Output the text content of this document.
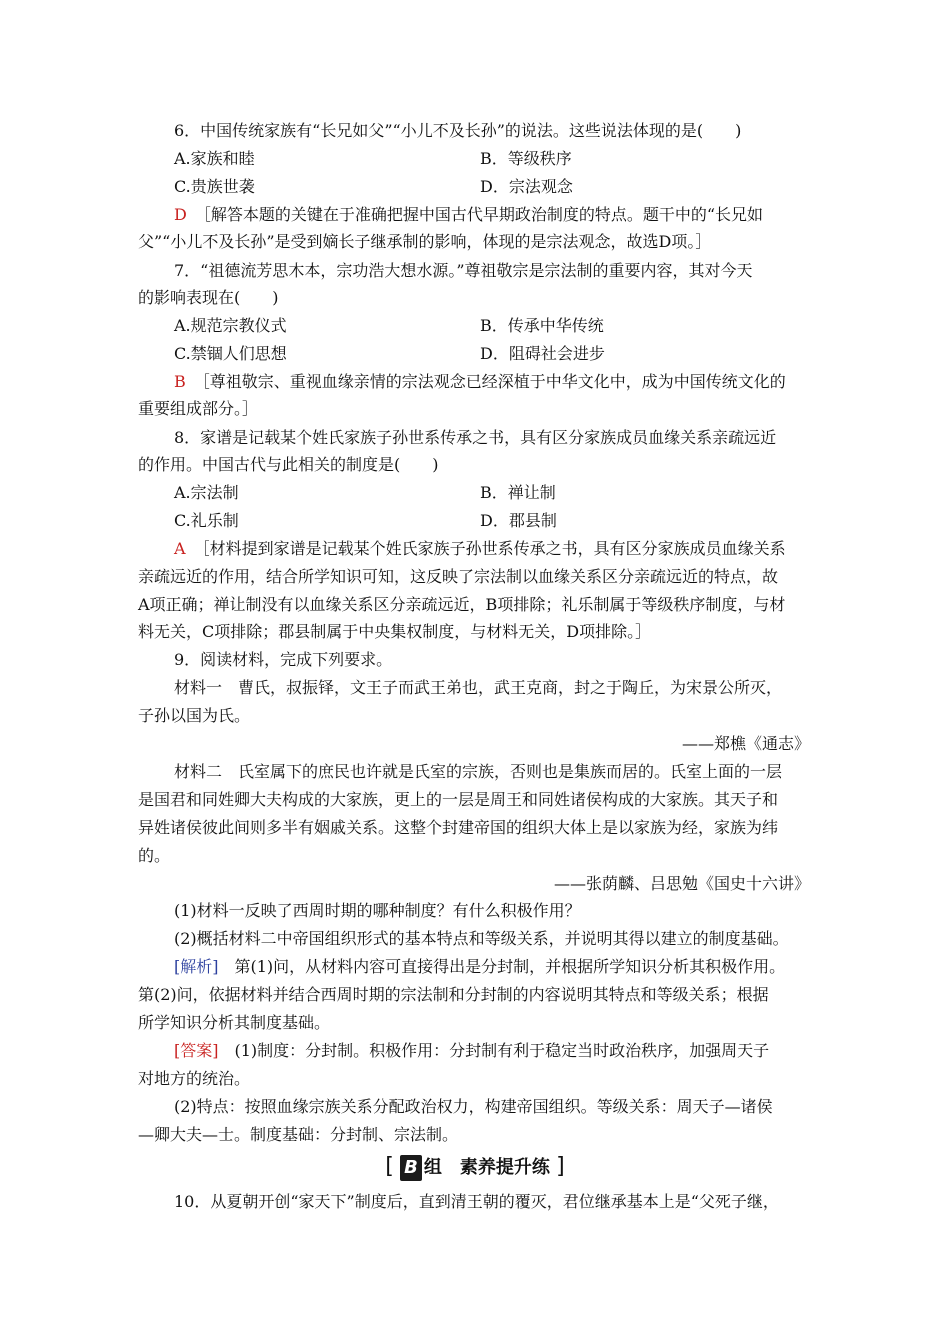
6．中国传统家族有“长兄如父”“小儿不及长孙”的说法。这些说法体现的是(　　)
A.家族和睦	B．等级秩序
C.贵族世袭	D．宗法观念
D　 ［解答本题的关键在于准确把握中国古代早期政治制度的特点。题干中的“长兄如
父”“小儿不及长孙”是受到嫡长子继承制的影响，体现的是宗法观念，故选D项。］
7．“祖德流芳思木本，宗功浩大想水源。”尊祖敬宗是宗法制的重要内容，其对今天
的影响表现在(　　)
A.规范宗教仪式	B．传承中华传统
C.禁锢人们思想	D．阻碍社会进步
B　 ［尊祖敬宗、重视血缘亲情的宗法观念已经深植于中华文化中，成为中国传统文化的
重要组成部分。］
8．家谱是记载某个姓氏家族子孙世系传承之书，具有区分家族成员血缘关系亲疏远近
的作用。中国古代与此相关的制度是(　　)
A.宗法制	B．禅让制
C.礼乐制	D．郡县制
A　 ［材料提到家谱是记载某个姓氏家族子孙世系传承之书，具有区分家族成员血缘关系
亲疏远近的作用，结合所学知识可知，这反映了宗法制以血缘关系区分亲疏远近的特点，故
A项正确；禅让制没有以血缘关系区分亲疏远近，B项排除；礼乐制属于等级秩序制度，与材
料无关，C项排除；郡县制属于中央集权制度，与材料无关，D项排除。］
9．阅读材料，完成下列要求。
材料一　曹氏，叔振铎，文王子而武王弟也，武王克商，封之于陶丘，为宋景公所灭，
子孙以国为氏。
——郑樵《通志》
材料二　氏室属下的庶民也许就是氏室的宗族，否则也是集族而居的。氏室上面的一层
是国君和同姓卿大夫构成的大家族，更上的一层是周王和同姓诸侯构成的大家族。其天子和
异姓诸侯彼此间则多半有姻戚关系。这整个封建帝国的组织大体上是以家族为经，家族为纬
的。
——张荫麟、吕思勉《国史十六讲》
(1)材料一反映了西周时期的哪种制度？有什么积极作用？
(2)概括材料二中帝国组织形式的基本特点和等级关系，并说明其得以建立的制度基础。
[解析]　第(1)问，从材料内容可直接得出是分封制，并根据所学知识分析其积极作用。
第(2)问，依据材料并结合西周时期的宗法制和分封制的内容说明其特点和等级关系；根据
所学知识分析其制度基础。
[答案]　(1)制度：分封制。积极作用：分封制有利于稳定当时政治秩序，加强周天子
对地方的统治。
(2)特点：按照血缘宗族关系分配政治权力，构建帝国组织。等级关系：周天子—诸侯
—卿大夫—士。制度基础：分封制、宗法制。
[ B 组　素养提升练 ]
10．从夏朝开创“家天下”制度后，直到清王朝的覆灭，君位继承基本上是“父死子继，
